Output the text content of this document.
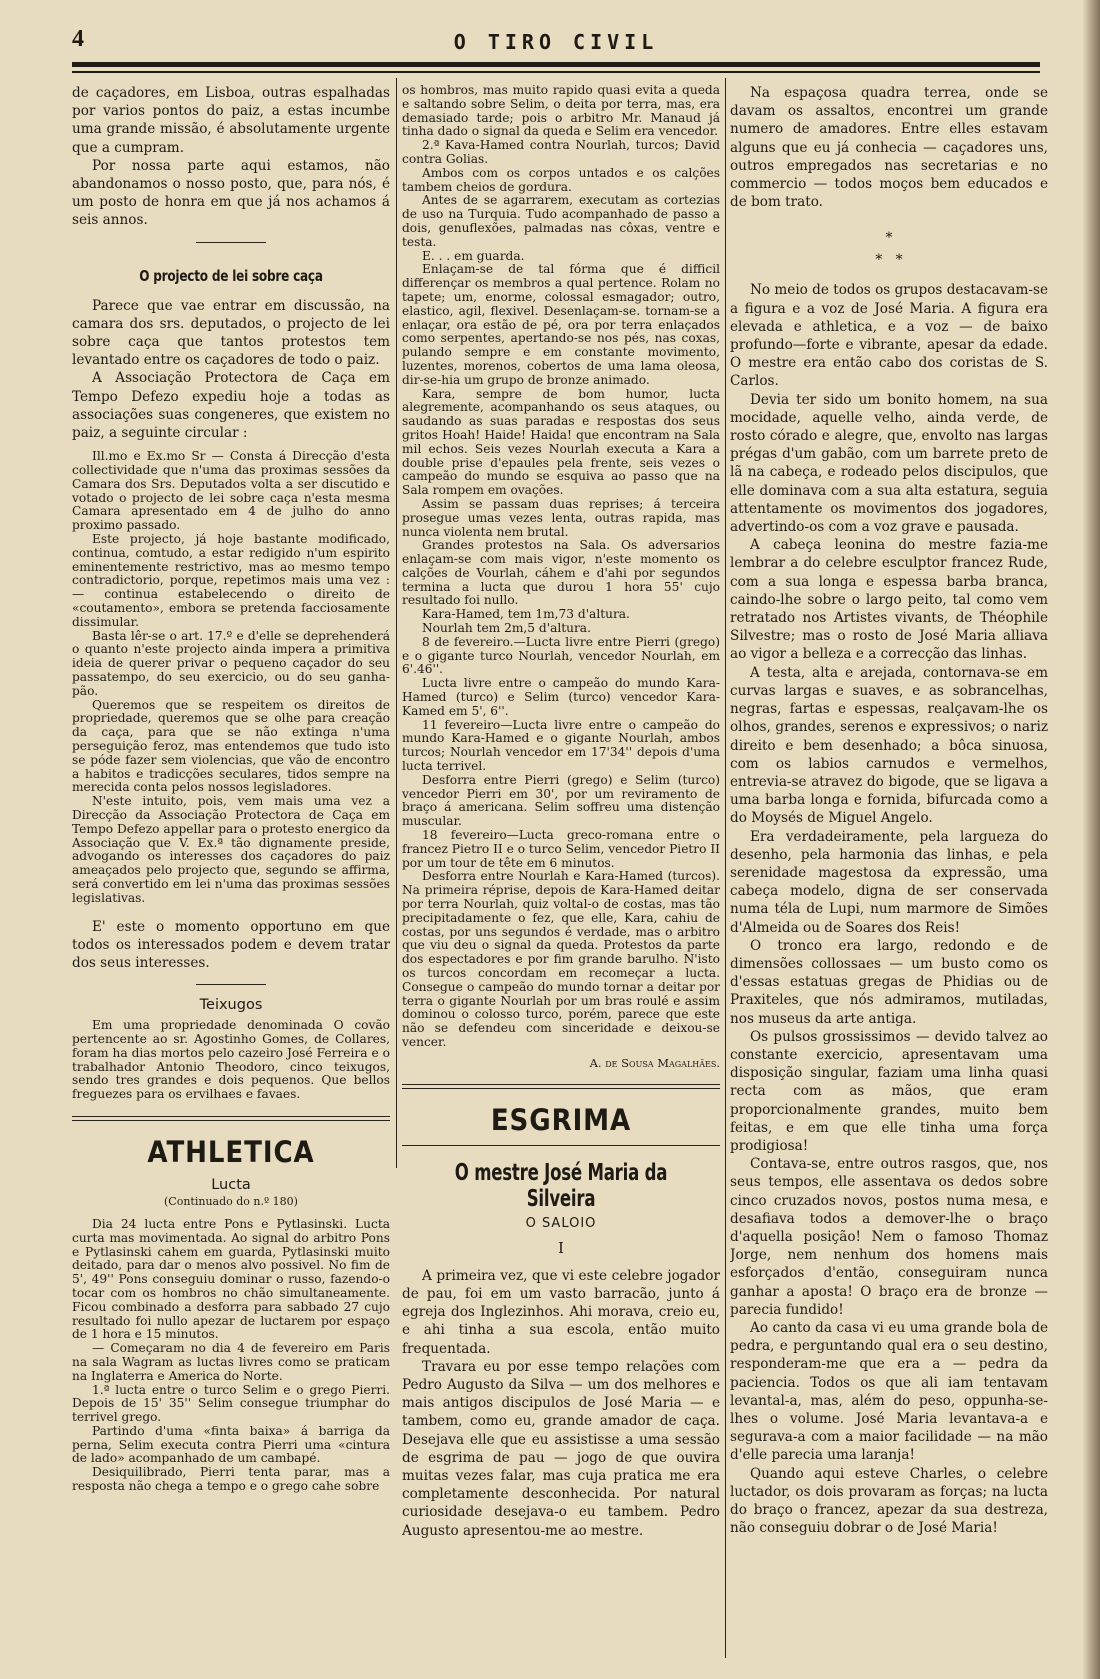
4	O TIRO CIVIL

de caçadores, em Lisboa, outras espalhadas por varios pontos do paiz, a estas incumbe uma grande missão, é absolutamente urgente que a cumpram.

Por nossa parte aqui estamos, não abandonamos o nosso posto, que, para nós, é um posto de honra em que já nos achamos á seis annos.

O projecto de lei sobre caça

Parece que vae entrar em discussão, na camara dos srs. deputados, o projecto de lei sobre caça que tantos protestos tem levantado entre os caçadores de todo o paiz.

A Associação Protectora de Caça em Tempo Defezo expediu hoje a todas as associações suas congeneres, que existem no paiz, a seguinte circular :

Ill.mo e Ex.mo Sr — Consta á Direcção d'esta collectividade que n'uma das proximas sessões da Camara dos Srs. Deputados volta a ser discutido e votado o projecto de lei sobre caça n'esta mesma Camara apresentado em 4 de julho do anno proximo passado.

Este projecto, já hoje bastante modificado, continua, comtudo, a estar redigido n'um espirito eminentemente restrictivo, mas ao mesmo tempo contradictorio, porque, repetimos mais uma vez : — continua estabelecendo o direito de «coutamento», embora se pretenda facciosamente dissimular.

Basta lêr-se o art. 17.º e d'elle se deprehenderá o quanto n'este projecto ainda impera a primitiva ideia de querer privar o pequeno caçador do seu passatempo, do seu exercicio, ou do seu ganha-pão.

Queremos que se respeitem os direitos de propriedade, queremos que se olhe para creação da caça, para que se não extinga n'uma perseguição feroz, mas entendemos que tudo isto se póde fazer sem violencias, que vão de encontro a habitos e tradicções seculares, tidos sempre na merecida conta pelos nossos legisladores.

N'este intuito, pois, vem mais uma vez a Direcção da Associação Protectora de Caça em Tempo Defezo appellar para o protesto energico da Associação que V. Ex.ª tão dignamente preside, advogando os interesses dos caçadores do paiz ameaçados pelo projecto que, segundo se affirma, será convertido em lei n'uma das proximas sessões legislativas.

E' este o momento opportuno em que todos os interessados podem e devem tratar dos seus interesses.

Teixugos

Em uma propriedade denominada O covão pertencente ao sr. Agostinho Gomes, de Collares, foram ha dias mortos pelo cazeiro José Ferreira e o trabalhador Antonio Theodoro, cinco teixugos, sendo tres grandes e dois pequenos. Que bellos freguezes para os ervilhaes e favaes.

ATHLETICA
Lucta
(Continuado do n.º 180)

Dia 24 lucta entre Pons e Pytlasinski. Lucta curta mas movimentada. Ao signal do arbitro Pons e Pytlasinski cahem em guarda, Pytlasinski muito deitado, para dar o menos alvo possivel. No fim de 5', 49'' Pons conseguiu dominar o russo, fazendo-o tocar com os hombros no chão simultaneamente. Ficou combinado a desforra para sabbado 27 cujo resultado foi nullo apezar de luctarem por espaço de 1 hora e 15 minutos.

— Começaram no dia 4 de fevereiro em Paris na sala Wagram as luctas livres como se praticam na Inglaterra e America do Norte.

1.ª lucta entre o turco Selim e o grego Pierri. Depois de 15' 35'' Selim consegue triumphar do terrivel grego.

Partindo d'uma «finta baixa» á barriga da perna, Selim executa contra Pierri uma «cintura de lado» acompanhado de um cambapé.

Desiquilibrado, Pierri tenta parar, mas a resposta não chega a tempo e o grego cahe sobre

os hombros, mas muito rapido quasi evita a queda e saltando sobre Selim, o deita por terra, mas, era demasiado tarde; pois o arbitro Mr. Manaud já tinha dado o signal da queda e Selim era vencedor.

2.ª Kava-Hamed contra Nourlah, turcos; David contra Golias.

Ambos com os corpos untados e os calções tambem cheios de gordura.

Antes de se agarrarem, executam as cortezias de uso na Turquia. Tudo acompanhado de passo a dois, genuflexões, palmadas nas côxas, ventre e testa.

E. . . em guarda.

Enlaçam-se de tal fórma que é difficil differençar os membros a qual pertence. Rolam no tapete; um, enorme, colossal esmagador; outro, elastico, agil, flexivel. Desenlaçam-se. tornam-se a enlaçar, ora estão de pé, ora por terra enlaçados como serpentes, apertando-se nos pés, nas coxas, pulando sempre e em constante movimento, luzentes, morenos, cobertos de uma lama oleosa, dir-se-hia um grupo de bronze animado.

Kara, sempre de bom humor, lucta alegremente, acompanhando os seus ataques, ou saudando as suas paradas e respostas dos seus gritos Hoah! Haide! Haida! que encontram na Sala mil echos. Seis vezes Nourlah executa a Kara a double prise d'epaules pela frente, seis vezes o campeão do mundo se esquiva ao passo que na Sala rompem em ovações.

Assim se passam duas reprises; á terceira prosegue umas vezes lenta, outras rapida, mas nunca violenta nem brutal.

Grandes protestos na Sala. Os adversarios enlaçam-se com mais vigor, n'este momento os calções de Vourlah, cáhem e d'ahi por segundos termina a lucta que durou 1 hora 55' cujo resultado foi nullo.

Kara-Hamed, tem 1m,73 d'altura.

Nourlah tem 2m,5 d'altura.

8 de fevereiro.—Lucta livre entre Pierri (grego) e o gigante turco Nourlah, vencedor Nourlah, em 6'.46''.

Lucta livre entre o campeão do mundo Kara-Hamed (turco) e Selim (turco) vencedor Kara-Kamed em 5', 6''.

11 fevereiro—Lucta livre entre o campeão do mundo Kara-Hamed e o gigante Nourlah, ambos turcos; Nourlah vencedor em 17'34'' depois d'uma lucta terrivel.

Desforra entre Pierri (grego) e Selim (turco) vencedor Pierri em 30', por um reviramento de braço á americana. Selim soffreu uma distenção muscular.

18 fevereiro—Lucta greco-romana entre o francez Pietro II e o turco Selim, vencedor Pietro II por um tour de tête em 6 minutos.

Desforra entre Nourlah e Kara-Hamed (turcos). Na primeira réprise, depois de Kara-Hamed deitar por terra Nourlah, quiz voltal-o de costas, mas tão precipitadamente o fez, que elle, Kara, cahiu de costas, por uns segundos é verdade, mas o arbitro que viu deu o signal da queda. Protestos da parte dos espectadores e por fim grande barulho. N'isto os turcos concordam em recomeçar a lucta. Consegue o campeão do mundo tornar a deitar por terra o gigante Nourlah por um bras roulé e assim dominou o colosso turco, porém, parece que este não se defendeu com sinceridade e deixou-se vencer.

A. de Sousa Magalhães.
ESGRIMA
O mestre José Maria da Silveira
O SALOIO
I

A primeira vez, que vi este celebre jogador de pau, foi em um vasto barracão, junto á egreja dos Inglezinhos. Ahi morava, creio eu, e ahi tinha a sua escola, então muito frequentada.

Travara eu por esse tempo relações com Pedro Augusto da Silva — um dos melhores e mais antigos discipulos de José Maria — e tambem, como eu, grande amador de caça. Desejava elle que eu assistisse a uma sessão de esgrima de pau — jogo de que ouvira muitas vezes falar, mas cuja pratica me era completamente desconhecida. Por natural curiosidade desejava-o eu tambem. Pedro Augusto apresentou-me ao mestre.

Na espaçosa quadra terrea, onde se davam os assaltos, encontrei um grande numero de amadores. Entre elles estavam alguns que eu já conhecia — caçadores uns, outros empregados nas secretarias e no commercio — todos moços bem educados e de bom trato.

*
*   *

No meio de todos os grupos destacavam-se a figura e a voz de José Maria. A figura era elevada e athletica, e a voz — de baixo profundo—forte e vibrante, apesar da edade. O mestre era então cabo dos coristas de S. Carlos.

Devia ter sido um bonito homem, na sua mocidade, aquelle velho, ainda verde, de rosto córado e alegre, que, envolto nas largas prégas d'um gabão, com um barrete preto de lã na cabeça, e rodeado pelos discipulos, que elle dominava com a sua alta estatura, seguia attentamente os movimentos dos jogadores, advertindo-os com a voz grave e pausada.

A cabeça leonina do mestre fazia-me lembrar a do celebre esculptor francez Rude, com a sua longa e espessa barba branca, caindo-lhe sobre o largo peito, tal como vem retratado nos Artistes vivants, de Théophile Silvestre; mas o rosto de José Maria alliava ao vigor a belleza e a correcção das linhas.

A testa, alta e arejada, contornava-se em curvas largas e suaves, e as sobrancelhas, negras, fartas e espessas, realçavam-lhe os olhos, grandes, serenos e expressivos; o nariz direito e bem desenhado; a bôca sinuosa, com os labios carnudos e vermelhos, entrevia-se atravez do bigode, que se ligava a uma barba longa e fornida, bifurcada como a do Moysés de Miguel Angelo.

Era verdadeiramente, pela largueza do desenho, pela harmonia das linhas, e pela serenidade magestosa da expressão, uma cabeça modelo, digna de ser conservada numa téla de Lupi, num marmore de Simões d'Almeida ou de Soares dos Reis!

O tronco era largo, redondo e de dimensões collossaes — um busto como os d'essas estatuas gregas de Phidias ou de Praxiteles, que nós admiramos, mutiladas, nos museus da arte antiga.

Os pulsos grossissimos — devido talvez ao constante exercicio, apresentavam uma disposição singular, faziam uma linha quasi recta com as mãos, que eram proporcionalmente grandes, muito bem feitas, e em que elle tinha uma força prodigiosa!

Contava-se, entre outros rasgos, que, nos seus tempos, elle assentava os dedos sobre cinco cruzados novos, postos numa mesa, e desafiava todos a demover-lhe o braço d'aquella posição! Nem o famoso Thomaz Jorge, nem nenhum dos homens mais esforçados d'então, conseguiram nunca ganhar a aposta! O braço era de bronze — parecia fundido!

Ao canto da casa vi eu uma grande bola de pedra, e perguntando qual era o seu destino, responderam-me que era a — pedra da paciencia. Todos os que ali iam tentavam levantal-a, mas, além do peso, oppunha-se-lhes o volume. José Maria levantava-a e segurava-a com a maior facilidade — na mão d'elle parecia uma laranja!

Quando aqui esteve Charles, o celebre luctador, os dois provaram as forças; na lucta do braço o francez, apezar da sua destreza, não conseguiu dobrar o de José Maria!
